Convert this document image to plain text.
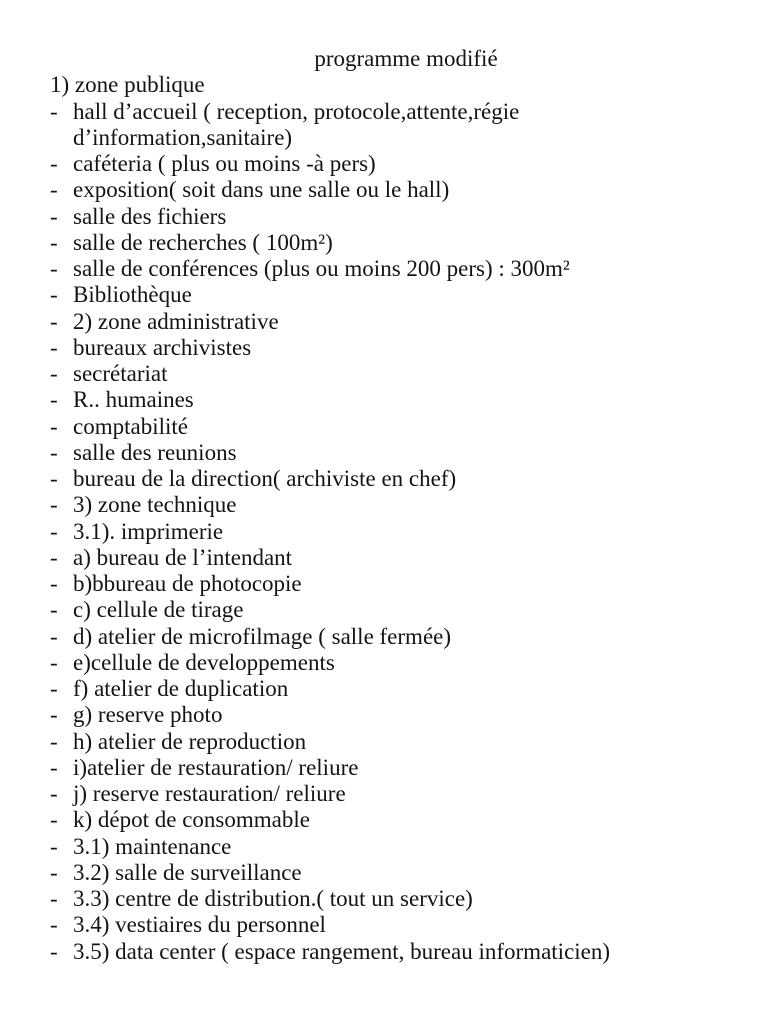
programme modifié
1) zone publique
- hall d’accueil ( reception, protocole,attente,régie
d’information,sanitaire)
- caféteria ( plus ou moins -à pers)
- exposition( soit dans une salle ou le hall)
- salle des fichiers
- salle de recherches ( 100m²)
- salle de conférences (plus ou moins 200 pers) : 300m²
- Bibliothèque
- 2) zone administrative
- bureaux archivistes
- secrétariat
- R.. humaines
- comptabilité
- salle des reunions
- bureau de la direction( archiviste en chef)
- 3) zone technique
- 3.1). imprimerie
- a) bureau de l’intendant
- b)bbureau de photocopie
- c) cellule de tirage
- d) atelier de microfilmage ( salle fermée)
- e)cellule de developpements
- f) atelier de duplication
- g) reserve photo
- h) atelier de reproduction
- i)atelier de restauration/ reliure
- j) reserve restauration/ reliure
- k) dépot de consommable
- 3.1) maintenance
- 3.2) salle de surveillance
- 3.3) centre de distribution.( tout un service)
- 3.4) vestiaires du personnel
- 3.5) data center ( espace rangement, bureau informaticien)
